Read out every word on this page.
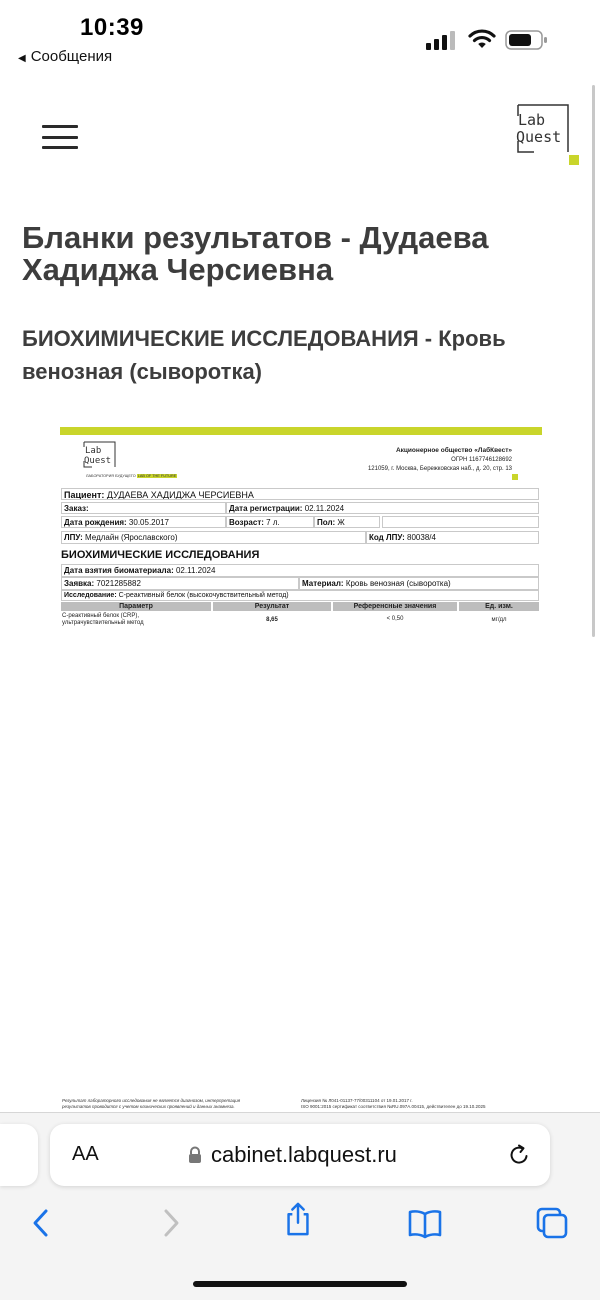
10:39
◀ Сообщения
Lab
Quest
Бланки результатов - Дудаева Хадиджа Черсиевна
БИОХИМИЧЕСКИЕ ИССЛЕДОВАНИЯ - Кровь венозная (сыворотка)
Lab
Quest
ЛАБОРАТОРИЯ БУДУЩЕГО LAB OF THE FUTURE
Акционерное общество «ЛабКвест»
ОГРН 1167746128692
121059, г. Москва, Бережковская наб., д. 20, стр. 13
Пациент: ДУДАЕВА ХАДИДЖА ЧЕРСИЕВНА
Заказ:	Дата регистрации: 02.11.2024
Дата рождения: 30.05.2017	Возраст: 7 л.	Пол: Ж
ЛПУ: Медлайн (Ярославского)	Код ЛПУ: 80038/4
БИОХИМИЧЕСКИЕ ИССЛЕДОВАНИЯ
Дата взятия биоматериала: 02.11.2024
Заявка: 7021285882	Материал: Кровь венозная (сыворотка)
Исследование: С-реактивный белок (высокочувствительный метод)
Параметр	Результат	Референсные значения	Ед. изм.
С-реактивный белок (CRP),
ультрачувствительный метод	8,65	< 0,50	мг/дл
Результат лабораторного исследования не является диагнозом, интерпретация
результатов проводится с учетом клинических проявлений и данных анамнеза.
Лицензия № Л041-01137-77/00311104 от 19.01.2017 г.
ISO 9001:2015 сертификат соответствия №RU.097А.00415, действителен до 19.10.2025
AA	cabinet.labquest.ru
